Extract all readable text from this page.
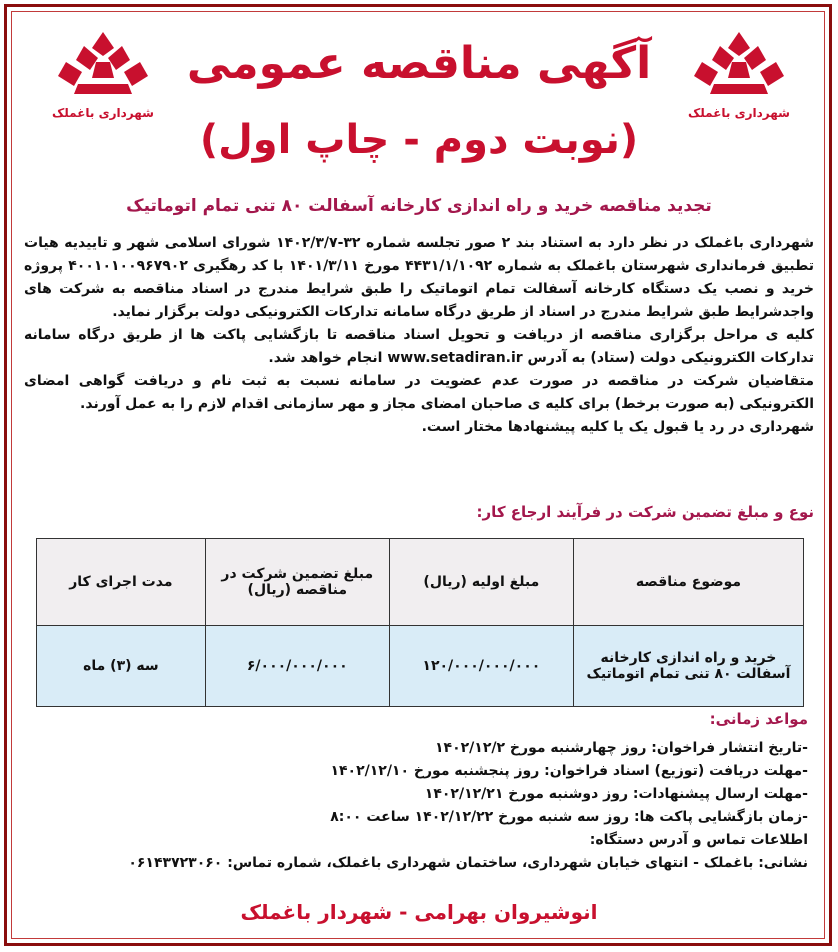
شهرداری باغملک	شهرداری باغملک
آگهی مناقصه عمومی
(نوبت دوم - چاپ اول)
تجدید مناقصه خرید و راه اندازی کارخانه آسفالت ۸۰ تنی تمام اتوماتیک

شهرداری باغملک در نظر دارد به استناد بند ۲ صور تجلسه شماره ۳۲-۱۴۰۲/۳/۷ شورای اسلامی شهر و تاییدیه هیات تطبیق فرمانداری شهرستان باغملک به شماره ۴۴۳۱/۱/۱۰۹۲ مورخ ۱۴۰۱/۳/۱۱ با کد رهگیری ۴۰۰۱۰۱۰۰۹۶۷۹۰۲ پروژه خرید و نصب یک دستگاه کارخانه آسفالت تمام اتوماتیک را طبق شرایط مندرج در اسناد مناقصه به شرکت های واجدشرایط طبق شرایط مندرج در اسناد از طریق درگاه سامانه تدارکات الکترونیکی دولت برگزار نماید.

کلیه ی مراحل برگزاری مناقصه از دریافت و تحویل اسناد مناقصه تا بازگشایی پاکت ها از طریق درگاه سامانه تدارکات الکترونیکی دولت (ستاد) به آدرس www.setadiran.ir انجام خواهد شد.

متقاضیان شرکت در مناقصه در صورت عدم عضویت در سامانه نسبت به ثبت نام و دریافت گواهی امضای الکترونیکی (به صورت برخط) برای کلیه ی صاحبان امضای مجاز و مهر سازمانی اقدام لازم را به عمل آورند.

شهرداری در رد یا قبول یک یا کلیه پیشنهادها مختار است.

نوع و مبلغ تضمین شرکت در فرآیند ارجاع کار:
موضوع مناقصه	مبلغ اولیه (ریال)	مبلغ تضمین شرکت در مناقصه (ریال)	مدت اجرای کار
خرید و راه اندازی کارخانه آسفالت ۸۰ تنی تمام اتوماتیک	۱۲۰/۰۰۰/۰۰۰/۰۰۰	۶/۰۰۰/۰۰۰/۰۰۰	سه (۳) ماه
مواعد زمانی:
-تاریخ انتشار فراخوان: روز چهارشنبه مورخ ۱۴۰۲/۱۲/۲
-مهلت دریافت (توزیع) اسناد فراخوان: روز پنجشنبه مورخ ۱۴۰۲/۱۲/۱۰
-مهلت ارسال پیشنهادات: روز دوشنبه مورخ ۱۴۰۲/۱۲/۲۱
-زمان بازگشایی پاکت ها: روز سه شنبه مورخ ۱۴۰۲/۱۲/۲۲ ساعت ۸:۰۰
اطلاعات تماس و آدرس دستگاه:
نشانی: باغملک - انتهای خیابان شهرداری، ساختمان شهرداری باغملک، شماره تماس: ۰۶۱۴۳۷۲۳۰۶۰
انوشیروان بهرامی - شهردار باغملک
